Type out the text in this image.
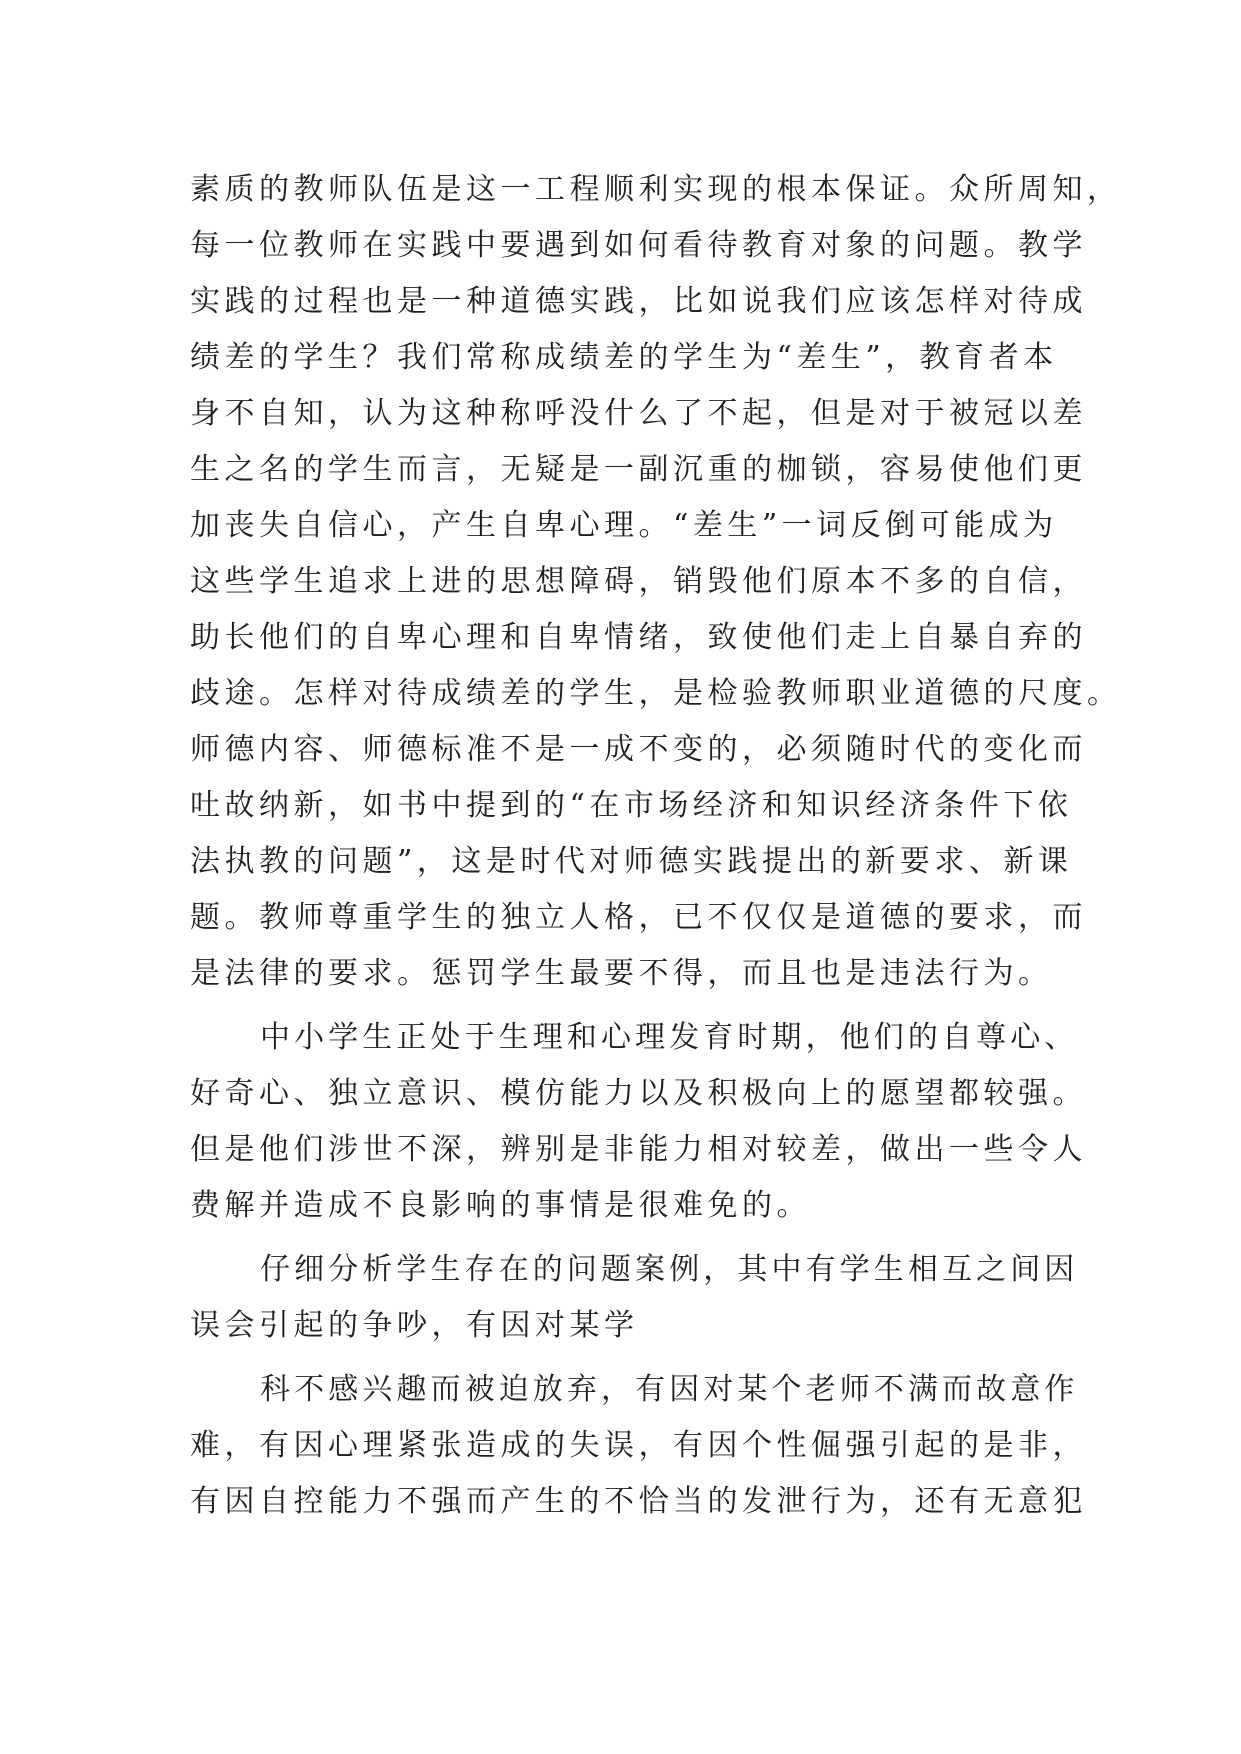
素质的教师队伍是这一工程顺利实现的根本保证。众所周知，
每一位教师在实践中要遇到如何看待教育对象的问题。教学
实践的过程也是一种道德实践，比如说我们应该怎样对待成
绩差的学生？我们常称成绩差的学生为“差生”，教育者本
身不自知，认为这种称呼没什么了不起，但是对于被冠以差
生之名的学生而言，无疑是一副沉重的枷锁，容易使他们更
加丧失自信心，产生自卑心理。“差生”一词反倒可能成为
这些学生追求上进的思想障碍，销毁他们原本不多的自信，
助长他们的自卑心理和自卑情绪，致使他们走上自暴自弃的
歧途。怎样对待成绩差的学生，是检验教师职业道德的尺度。
师德内容、师德标准不是一成不变的，必须随时代的变化而
吐故纳新，如书中提到的“在市场经济和知识经济条件下依
法执教的问题”，这是时代对师德实践提出的新要求、新课
题。教师尊重学生的独立人格，已不仅仅是道德的要求，而
是法律的要求。惩罚学生最要不得，而且也是违法行为。
中小学生正处于生理和心理发育时期，他们的自尊心、
好奇心、独立意识、模仿能力以及积极向上的愿望都较强。
但是他们涉世不深，辨别是非能力相对较差，做出一些令人
费解并造成不良影响的事情是很难免的。
仔细分析学生存在的问题案例，其中有学生相互之间因
误会引起的争吵，有因对某学
科不感兴趣而被迫放弃，有因对某个老师不满而故意作
难，有因心理紧张造成的失误，有因个性倔强引起的是非，
有因自控能力不强而产生的不恰当的发泄行为，还有无意犯
